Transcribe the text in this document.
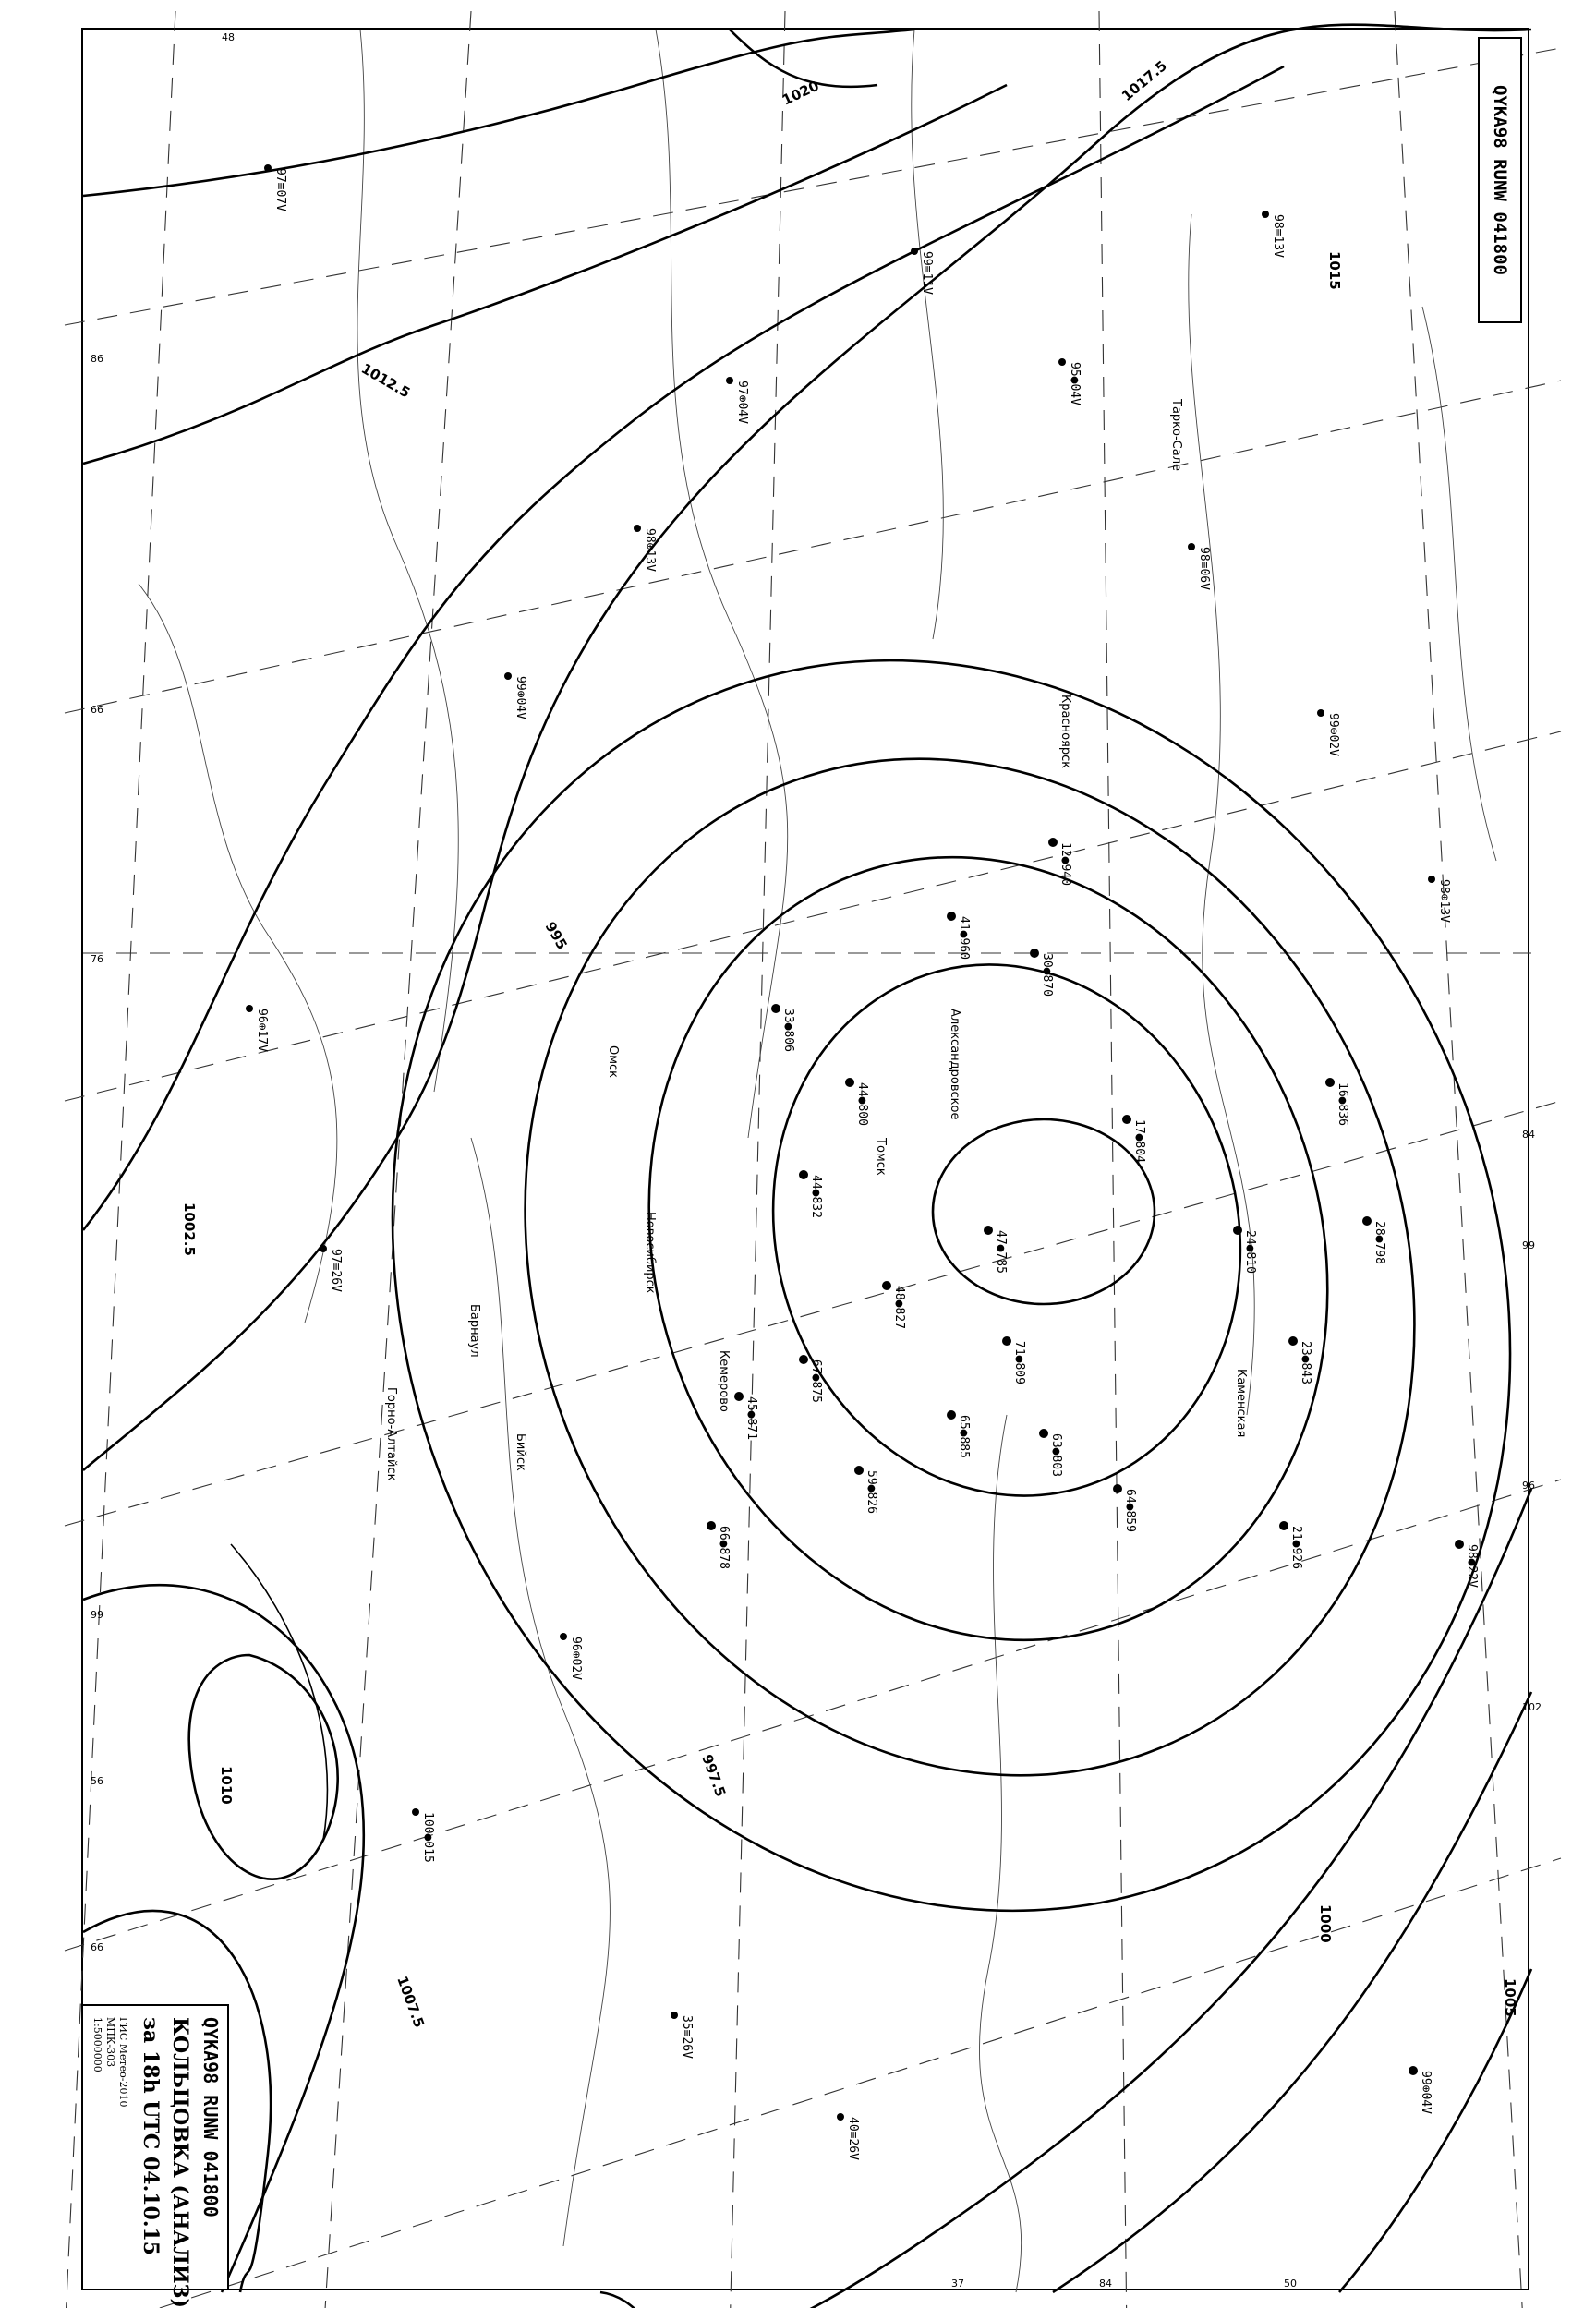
1020	1017.5
1015
1012.5
1010
1007.5	1005
1002.5
1000
997.5
995
Новосибирск
Барнаул
Горно-Алтайск
Кемерово
Красноярск
Томск
Тарко-Сале
Омск
Бийск
Александровское
Каменская
47●785
17●804
48●827
44●832
44●800
45●871
33●806
24●810
23●843
28●798
21●926
16●836
63●803
65●885
59●826
66●878
71●809
67●875
64●859
30●870
12●940
98●22V
41●960
99⊕04V
97≡07V
98≡13V
100●015
96⊕02V
99⊕04V
98⊕13V
97⊕04V
99≡11V
95●04V
98≡06V
99⊕02V
98⊕13V
97≡26V
96⊕17V
35≡26V
40≡26V
48
76
96
86
84
102
66
99
56
66
37	84
99
50
QYKA98 RUNW 041800
QYKA98 RUNW 041800
КОЛЬЦОВКА (АНАЛИЗ)
за 18h UTC 04.10.15
ГИС Метео-2010
МПК-303
1:5000000
